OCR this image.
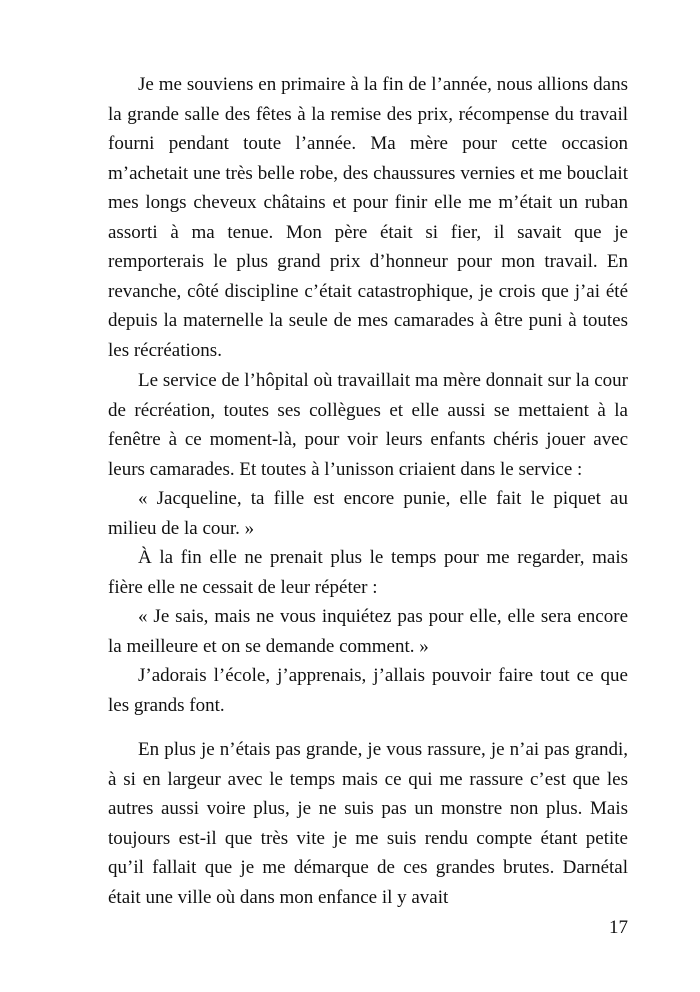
Je me souviens en primaire à la fin de l’année, nous allions dans la grande salle des fêtes à la remise des prix, récompense du travail fourni pendant toute l’année. Ma mère pour cette occasion m’achetait une très belle robe, des chaussures vernies et me bouclait mes longs cheveux châtains et pour finir elle me m’était un ruban assorti à ma tenue. Mon père était si fier, il savait que je remporterais le plus grand prix d’honneur pour mon travail. En revanche, côté discipline c’était catastrophique, je crois que j’ai été depuis la maternelle la seule de mes camarades à être puni à toutes les récréations.

Le service de l’hôpital où travaillait ma mère donnait sur la cour de récréation, toutes ses collègues et elle aussi se mettaient à la fenêtre à ce moment-là, pour voir leurs enfants chéris jouer avec leurs camarades. Et toutes à l’unisson criaient dans le service :

« Jacqueline, ta fille est encore punie, elle fait le piquet au milieu de la cour. »

À la fin elle ne prenait plus le temps pour me regarder, mais fière elle ne cessait de leur répéter :

« Je sais, mais ne vous inquiétez pas pour elle, elle sera encore la meilleure et on se demande comment. »

J’adorais l’école, j’apprenais, j’allais pouvoir faire tout ce que les grands font.

En plus je n’étais pas grande, je vous rassure, je n’ai pas grandi, à si en largeur avec le temps mais ce qui me rassure c’est que les autres aussi voire plus, je ne suis pas un monstre non plus. Mais toujours est-il que très vite je me suis rendu compte étant petite qu’il fallait que je me démarque de ces grandes brutes. Darnétal était une ville où dans mon enfance il y avait

17
